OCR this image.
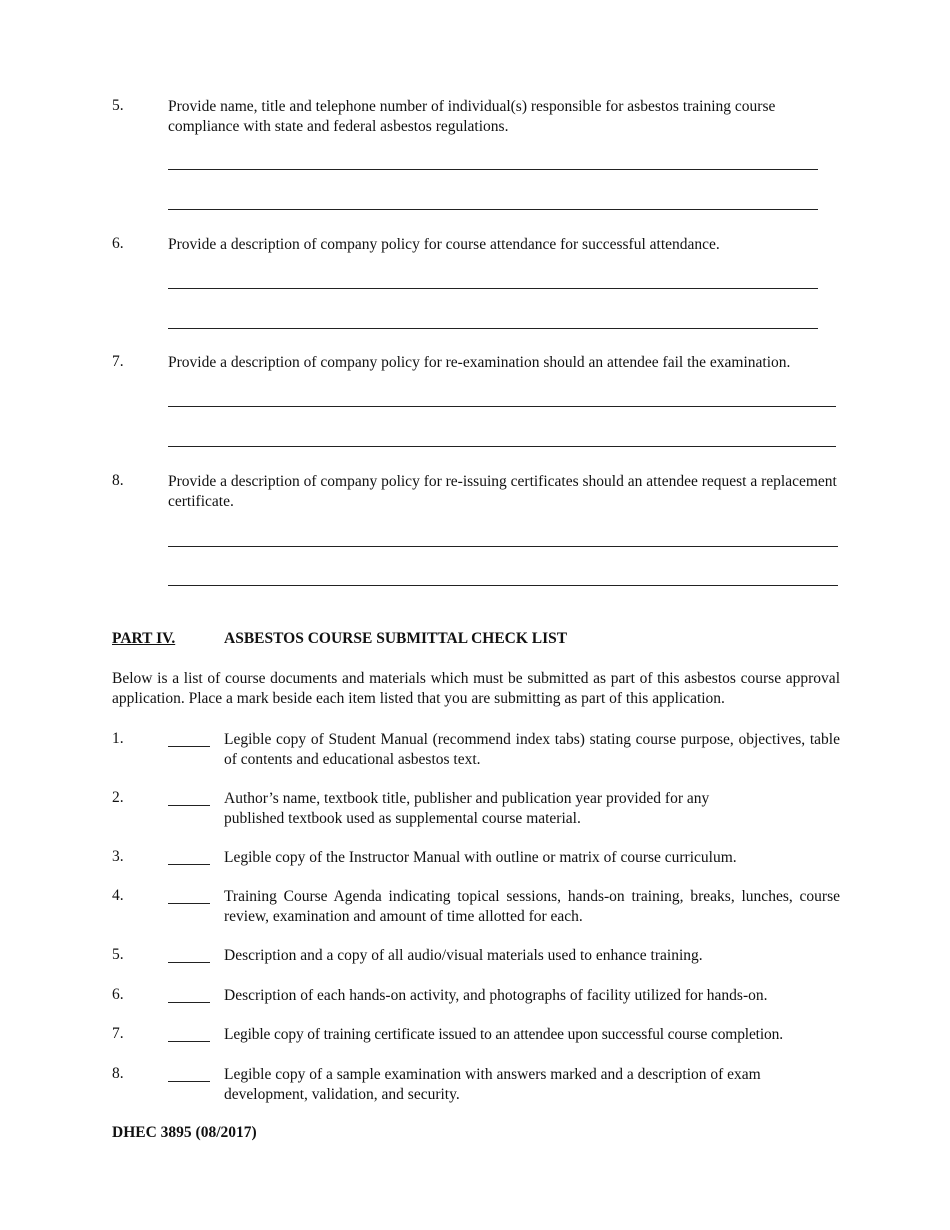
5.	Provide name, title and telephone number of individual(s) responsible for asbestos training course compliance with state and federal asbestos regulations.
6.	Provide a description of company policy for course attendance for successful attendance.
7.	Provide a description of company policy for re-examination should an attendee fail the examination.
8.	Provide a description of company policy for re-issuing certificates should an attendee request a replacement certificate.
PART IV.	ASBESTOS COURSE SUBMITTAL CHECK LIST
Below is a list of course documents and materials which must be submitted as part of this asbestos course approval application. Place a mark beside each item listed that you are submitting as part of this application.
1.	Legible copy of Student Manual (recommend index tabs) stating course purpose, objectives, table of contents and educational asbestos text.
2.	Author’s name, textbook title, publisher and publication year provided for any published textbook used as supplemental course material.
3.	Legible copy of the Instructor Manual with outline or matrix of course curriculum.
4.	Training Course Agenda indicating topical sessions, hands-on training, breaks, lunches, course review, examination and amount of time allotted for each.
5.	Description and a copy of all audio/visual materials used to enhance training.
6.	Description of each hands-on activity, and photographs of facility utilized for hands-on.
7.	Legible copy of training certificate issued to an attendee upon successful course completion.
8.	Legible copy of a sample examination with answers marked and a description of exam development, validation, and security.
DHEC 3895 (08/2017)
